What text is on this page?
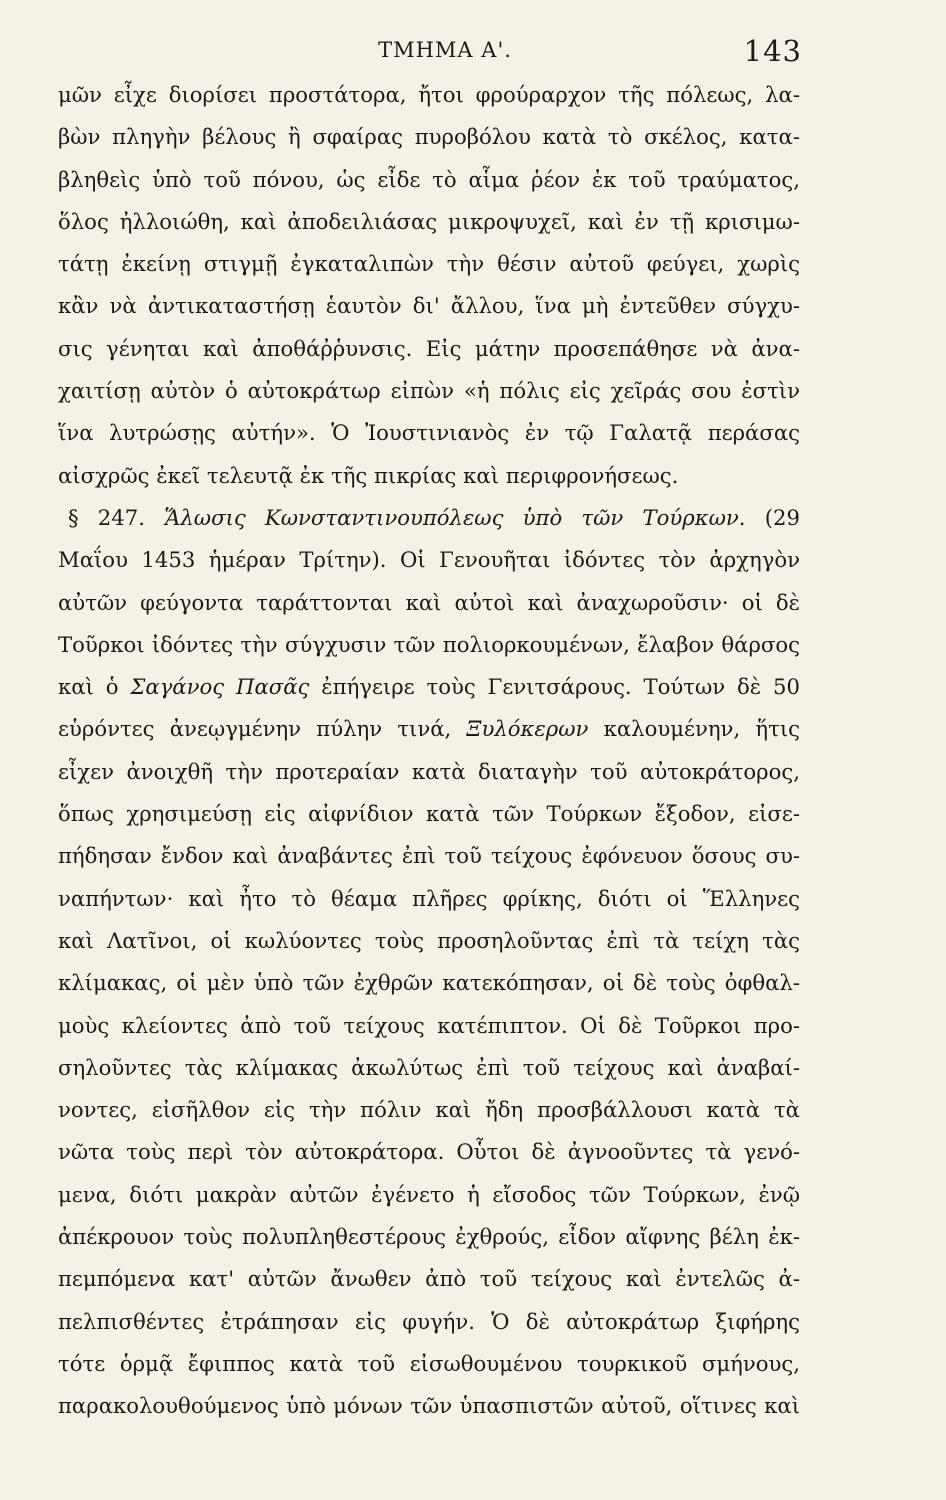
ΤΜΗΜΑ Α'.	143
μῶν εἶχε διορίσει προστάτορα, ἤτοι φρούραρχον τῆς πόλεως, λα-
βὼν πληγὴν βέλους ἢ σφαίρας πυροβόλου κατὰ τὸ σκέλος, κατα-
βληθεὶς ὑπὸ τοῦ πόνου, ὡς εἶδε τὸ αἷμα ῥέον ἐκ τοῦ τραύματος,
ὅλος ἠλλοιώθη, καὶ ἀποδειλιάσας μικροψυχεῖ, καὶ ἐν τῇ κρισιμω-
τάτῃ ἐκείνῃ στιγμῇ ἐγκαταλιπὼν τὴν θέσιν αὐτοῦ φεύγει, χωρὶς
κἂν νὰ ἀντικαταστήσῃ ἑαυτὸν δι' ἄλλου, ἵνα μὴ ἐντεῦθεν σύγχυ-
σις γένηται καὶ ἀποθάῤῥυνσις. Εἰς μάτην προσεπάθησε νὰ ἀνα-
χαιτίσῃ αὐτὸν ὁ αὐτοκράτωρ εἰπὼν «ἡ πόλις εἰς χεῖράς σου ἐστὶν
ἵνα λυτρώσῃς αὐτήν». Ὁ Ἰουστινιανὸς ἐν τῷ Γαλατᾷ περάσας
αἰσχρῶς ἐκεῖ τελευτᾷ ἐκ τῆς πικρίας καὶ περιφρονήσεως.
§ 247. Ἅλωσις Κωνσταντινουπόλεως ὑπὸ τῶν Τούρκων. (29
Μαΐου 1453 ἡμέραν Τρίτην). Οἱ Γενουῆται ἰδόντες τὸν ἀρχηγὸν
αὐτῶν φεύγοντα ταράττονται καὶ αὐτοὶ καὶ ἀναχωροῦσιν· οἱ δὲ
Τοῦρκοι ἰδόντες τὴν σύγχυσιν τῶν πολιορκουμένων, ἔλαβον θάρσος
καὶ ὁ Σαγάνος Πασᾶς ἐπήγειρε τοὺς Γενιτσάρους. Τούτων δὲ 50
εὑρόντες ἀνεῳγμένην πύλην τινά, Ξυλόκερων καλουμένην, ἥτις
εἶχεν ἀνοιχθῆ τὴν προτεραίαν κατὰ διαταγὴν τοῦ αὐτοκράτορος,
ὅπως χρησιμεύσῃ εἰς αἰφνίδιον κατὰ τῶν Τούρκων ἔξοδον, εἰσε-
πήδησαν ἔνδον καὶ ἀναβάντες ἐπὶ τοῦ τείχους ἐφόνευον ὅσους συ-
ναπήντων· καὶ ἦτο τὸ θέαμα πλῆρες φρίκης, διότι οἱ Ἕλληνες
καὶ Λατῖνοι, οἱ κωλύοντες τοὺς προσηλοῦντας ἐπὶ τὰ τείχη τὰς
κλίμακας, οἱ μὲν ὑπὸ τῶν ἐχθρῶν κατεκόπησαν, οἱ δὲ τοὺς ὀφθαλ-
μοὺς κλείοντες ἀπὸ τοῦ τείχους κατέπιπτον. Οἱ δὲ Τοῦρκοι προ-
σηλοῦντες τὰς κλίμακας ἀκωλύτως ἐπὶ τοῦ τείχους καὶ ἀναβαί-
νοντες, εἰσῆλθον εἰς τὴν πόλιν καὶ ἤδη προσβάλλουσι κατὰ τὰ
νῶτα τοὺς περὶ τὸν αὐτοκράτορα. Οὗτοι δὲ ἀγνοοῦντες τὰ γενό-
μενα, διότι μακρὰν αὐτῶν ἐγένετο ἡ εἴσοδος τῶν Τούρκων, ἐνῷ
ἀπέκρουον τοὺς πολυπληθεστέρους ἐχθρούς, εἶδον αἴφνης βέλη ἐκ-
πεμπόμενα κατ' αὐτῶν ἄνωθεν ἀπὸ τοῦ τείχους καὶ ἐντελῶς ἀ-
πελπισθέντες ἐτράπησαν εἰς φυγήν. Ὁ δὲ αὐτοκράτωρ ξιφήρης
τότε ὁρμᾷ ἔφιππος κατὰ τοῦ εἰσωθουμένου τουρκικοῦ σμήνους,
παρακολουθούμενος ὑπὸ μόνων τῶν ὑπασπιστῶν αὐτοῦ, οἵτινες καὶ
